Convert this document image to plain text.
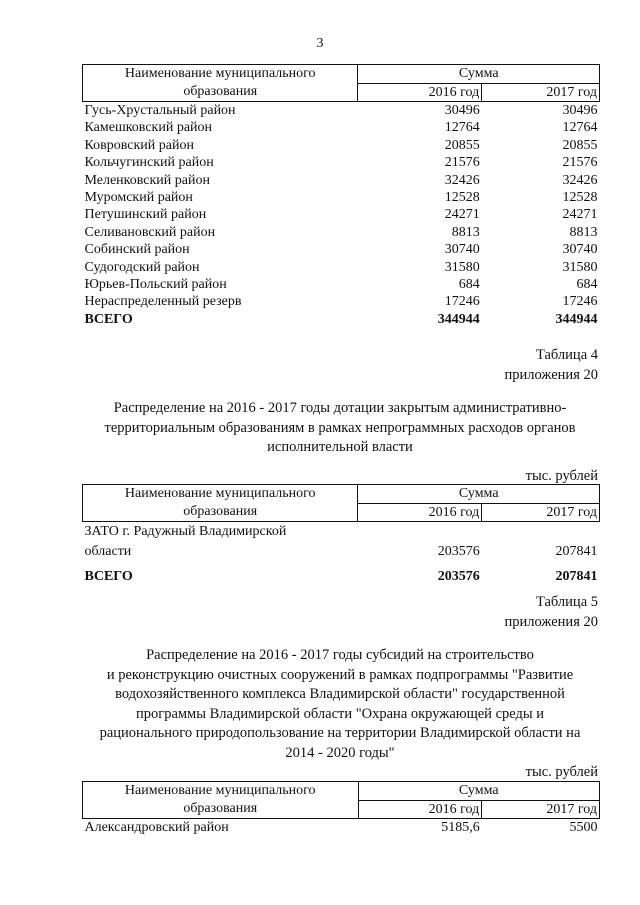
3
Наименование муниципального
образования	Сумма	
	2016 год	2017 год
Гусь-Хрустальный район	30496	30496
Камешковский район	12764	12764
Ковровский район	20855	20855
Кольчугинский район	21576	21576
Меленковский район	32426	32426
Муромский район	12528	12528
Петушинский район	24271	24271
Селивановский район	8813	8813
Собинский район	30740	30740
Судогодский район	31580	31580
Юрьев-Польский район	684	684
Нераспределенный резерв	17246	17246
ВСЕГО	344944	344944
Таблица 4
приложения 20
Распределение на 2016 - 2017 годы дотации закрытым административно-
территориальным образованиям в рамках непрограммных расходов органов
исполнительной власти
тыс. рублей
Наименование муниципального
образования	Сумма	
	2016 год	2017 год
ЗАТО г. Радужный Владимирской
области	203576	207841
ВСЕГО	203576	207841
Таблица 5
приложения 20
Распределение на 2016 - 2017 годы субсидий на строительство
и реконструкцию очистных сооружений в рамках подпрограммы "Развитие
водохозяйственного комплекса Владимирской области" государственной
программы Владимирской области "Охрана окружающей среды и
рационального природопользование на территории Владимирской области на
2014 - 2020 годы"
тыс. рублей
Наименование муниципального
образования	Сумма	
	2016 год	2017 год
Александровский район	5185,6	5500
